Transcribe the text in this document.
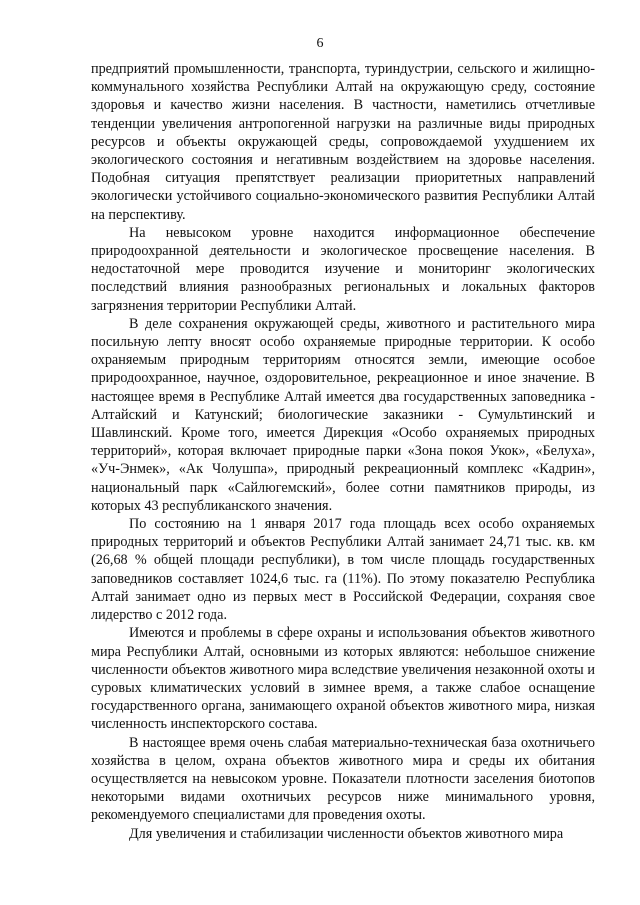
6

предприятий промышленности, транспорта, туриндустрии, сельского и жилищно-коммунального хозяйства Республики Алтай на окружающую среду, состояние здоровья и качество жизни населения. В частности, наметились отчетливые тенденции увеличения антропогенной нагрузки на различные виды природных ресурсов и объекты окружающей среды, сопровождаемой ухудшением их экологического состояния и негативным воздействием на здоровье населения. Подобная ситуация препятствует реализации приоритетных направлений экологически устойчивого социально-экономического развития Республики Алтай на перспективу.

На невысоком уровне находится информационное обеспечение природоохранной деятельности и экологическое просвещение населения. В недостаточной мере проводится изучение и мониторинг экологических последствий влияния разнообразных региональных и локальных факторов загрязнения территории Республики Алтай.

В деле сохранения окружающей среды, животного и растительного мира посильную лепту вносят особо охраняемые природные территории. К особо охраняемым природным территориям относятся земли, имеющие особое природоохранное, научное, оздоровительное, рекреационное и иное значение. В настоящее время в Республике Алтай имеется два государственных заповедника - Алтайский и Катунский; биологические заказники - Сумультинский и Шавлинский. Кроме того, имеется Дирекция «Особо охраняемых природных территорий», которая включает природные парки «Зона покоя Укок», «Белуха», «Уч-Энмек», «Ак Чолушпа», природный рекреационный комплекс «Кадрин», национальный парк «Сайлюгемский», более сотни памятников природы, из которых 43 республиканского значения.

По состоянию на 1 января 2017 года площадь всех особо охраняемых природных территорий и объектов Республики Алтай занимает 24,71 тыс. кв. км (26,68 % общей площади республики), в том числе площадь государственных заповедников составляет 1024,6 тыс. га (11%). По этому показателю Республика Алтай занимает одно из первых мест в Российской Федерации, сохраняя свое лидерство с 2012 года.

Имеются и проблемы в сфере охраны и использования объектов животного мира Республики Алтай, основными из которых являются: небольшое снижение численности объектов животного мира вследствие увеличения незаконной охоты и суровых климатических условий в зимнее время, а также слабое оснащение государственного органа, занимающего охраной объектов животного мира, низкая численность инспекторского состава.

В настоящее время очень слабая материально-техническая база охотничьего хозяйства в целом, охрана объектов животного мира и среды их обитания осуществляется на невысоком уровне. Показатели плотности заселения биотопов некоторыми видами охотничьих ресурсов ниже минимального уровня, рекомендуемого специалистами для проведения охоты.

Для увеличения и стабилизации численности объектов животного мира
